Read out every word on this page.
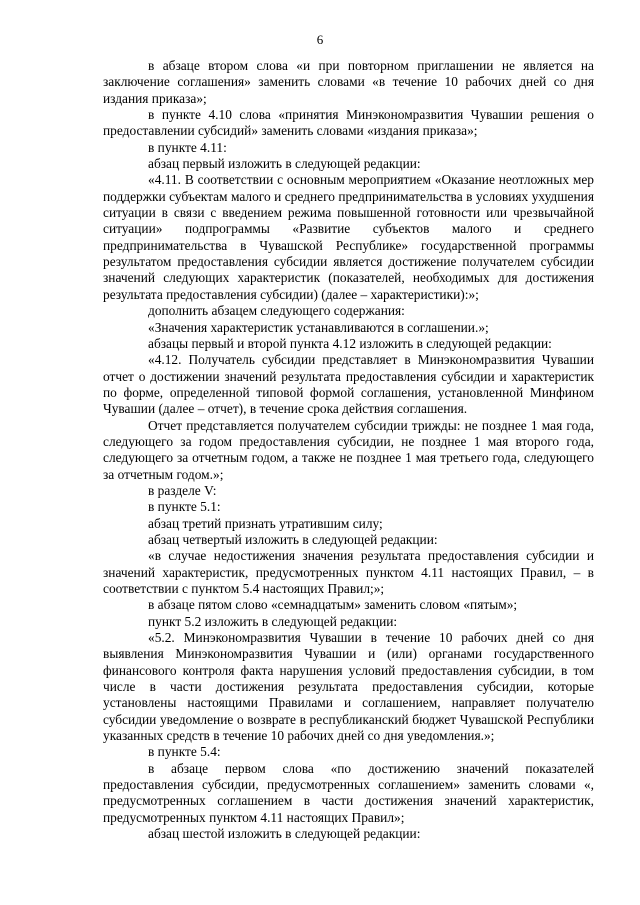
6

в абзаце втором слова «и при повторном приглашении не является на заключение соглашения» заменить словами «в течение 10 рабочих дней со дня издания приказа»;

в пункте 4.10 слова «принятия Минэкономразвития Чувашии решения о предоставлении субсидий» заменить словами «издания приказа»;

в пункте 4.11:

абзац первый изложить в следующей редакции:

«4.11. В соответствии с основным мероприятием «Оказание неотложных мер поддержки субъектам малого и среднего предпринимательства в условиях ухудшения ситуации в связи с введением режима повышенной готовности или чрезвычайной ситуации» подпрограммы «Развитие субъектов малого и среднего предпринимательства в Чувашской Республике» государственной программы результатом предоставления субсидии является достижение получателем субсидии значений следующих характеристик (показателей, необходимых для достижения результата предоставления субсидии) (далее – характеристики):»;

дополнить абзацем следующего содержания:

«Значения характеристик устанавливаются в соглашении.»;

абзацы первый и второй пункта 4.12 изложить в следующей редакции:

«4.12. Получатель субсидии представляет в Минэкономразвития Чувашии отчет о достижении значений результата предоставления субсидии и характеристик по форме, определенной типовой формой соглашения, установленной Минфином Чувашии (далее – отчет), в течение срока действия соглашения.

Отчет представляется получателем субсидии трижды: не позднее 1 мая года, следующего за годом предоставления субсидии, не позднее 1 мая второго года, следующего за отчетным годом, а также не позднее 1 мая третьего года, следующего за отчетным годом.»;

в разделе V:

в пункте 5.1:

абзац третий признать утратившим силу;

абзац четвертый изложить в следующей редакции:

«в случае недостижения значения результата предоставления субсидии и значений характеристик, предусмотренных пунктом 4.11 настоящих Правил, – в соответствии с пунктом 5.4 настоящих Правил;»;

в абзаце пятом слово «семнадцатым» заменить словом «пятым»;

пункт 5.2 изложить в следующей редакции:

«5.2. Минэкономразвития Чувашии в течение 10 рабочих дней со дня выявления Минэкономразвития Чувашии и (или) органами государственного финансового контроля факта нарушения условий предоставления субсидии, в том числе в части достижения результата предоставления субсидии, которые установлены настоящими Правилами и соглашением, направляет получателю субсидии уведомление о возврате в республиканский бюджет Чувашской Республики указанных средств в течение 10 рабочих дней со дня уведомления.»;

в пункте 5.4:

в абзаце первом слова «по достижению значений показателей предоставления субсидии, предусмотренных соглашением» заменить словами «, предусмотренных соглашением в части достижения значений характеристик, предусмотренных пунктом 4.11 настоящих Правил»;

абзац шестой изложить в следующей редакции:
